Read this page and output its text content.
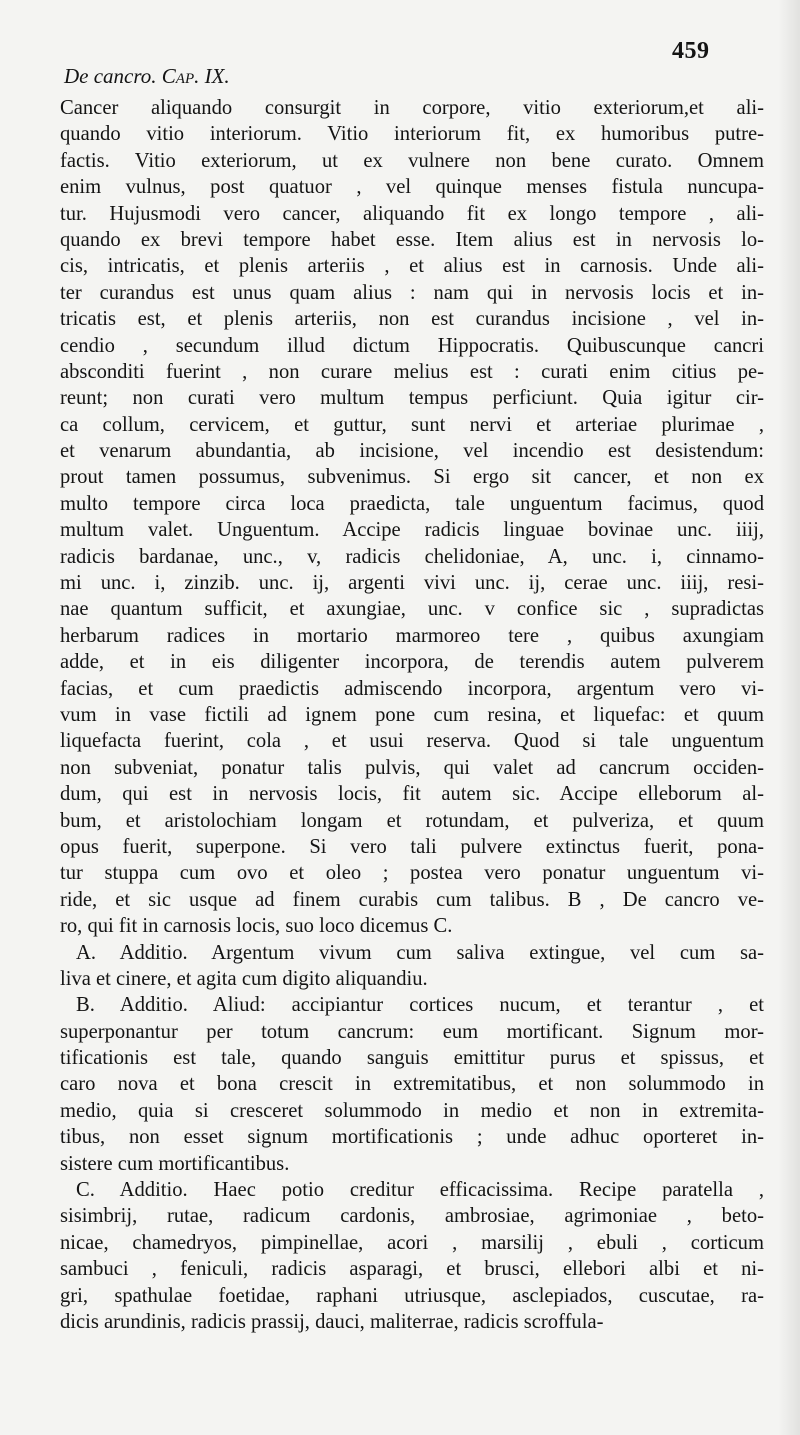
459
De cancro. Cap. IX.
Cancer aliquando consurgit in corpore, vitio exteriorum,et ali-
quando vitio interiorum. Vitio interiorum fit, ex humoribus putre-
factis. Vitio exteriorum, ut ex vulnere non bene curato. Omnem
enim vulnus, post quatuor , vel quinque menses fistula nuncupa-
tur. Hujusmodi vero cancer, aliquando fit ex longo tempore , ali-
quando ex brevi tempore habet esse. Item alius est in nervosis lo-
cis, intricatis, et plenis arteriis , et alius est in carnosis. Unde ali-
ter curandus est unus quam alius : nam qui in nervosis locis et in-
tricatis est, et plenis arteriis, non est curandus incisione , vel in-
cendio , secundum illud dictum Hippocratis. Quibuscunque cancri
absconditi fuerint , non curare melius est : curati enim citius pe-
reunt; non curati vero multum tempus perficiunt. Quia igitur cir-
ca collum, cervicem, et guttur, sunt nervi et arteriae plurimae ,
et venarum abundantia, ab incisione, vel incendio est desistendum:
prout tamen possumus, subvenimus. Si ergo sit cancer, et non ex
multo tempore circa loca praedicta, tale unguentum facimus, quod
multum valet. Unguentum. Accipe radicis linguae bovinae unc. iiij,
radicis bardanae, unc., v, radicis chelidoniae, A, unc. i, cinnamo-
mi unc. i, zinzib. unc. ij, argenti vivi unc. ij, cerae unc. iiij, resi-
nae quantum sufficit, et axungiae, unc. v confice sic , supradictas
herbarum radices in mortario marmoreo tere , quibus axungiam
adde, et in eis diligenter incorpora, de terendis autem pulverem
facias, et cum praedictis admiscendo incorpora, argentum vero vi-
vum in vase fictili ad ignem pone cum resina, et liquefac: et quum
liquefacta fuerint, cola , et usui reserva. Quod si tale unguentum
non subveniat, ponatur talis pulvis, qui valet ad cancrum occiden-
dum, qui est in nervosis locis, fit autem sic. Accipe elleborum al-
bum, et aristolochiam longam et rotundam, et pulveriza, et quum
opus fuerit, superpone. Si vero tali pulvere extinctus fuerit, pona-
tur stuppa cum ovo et oleo ; postea vero ponatur unguentum vi-
ride, et sic usque ad finem curabis cum talibus. B , De cancro ve-
ro, qui fit in carnosis locis, suo loco dicemus C.
A. Additio. Argentum vivum cum saliva extingue, vel cum sa-
liva et cinere, et agita cum digito aliquandiu.
B. Additio. Aliud: accipiantur cortices nucum, et terantur , et
superponantur per totum cancrum: eum mortificant. Signum mor-
tificationis est tale, quando sanguis emittitur purus et spissus, et
caro nova et bona crescit in extremitatibus, et non solummodo in
medio, quia si cresceret solummodo in medio et non in extremita-
tibus, non esset signum mortificationis ; unde adhuc oporteret in-
sistere cum mortificantibus.
C. Additio. Haec potio creditur efficacissima. Recipe paratella ,
sisimbrij, rutae, radicum cardonis, ambrosiae, agrimoniae , beto-
nicae, chamedryos, pimpinellae, acori , marsilij , ebuli , corticum
sambuci , feniculi, radicis asparagi, et brusci, ellebori albi et ni-
gri, spathulae foetidae, raphani utriusque, asclepiados, cuscutae, ra-
dicis arundinis, radicis prassij, dauci, maliterrae, radicis scroffula-
